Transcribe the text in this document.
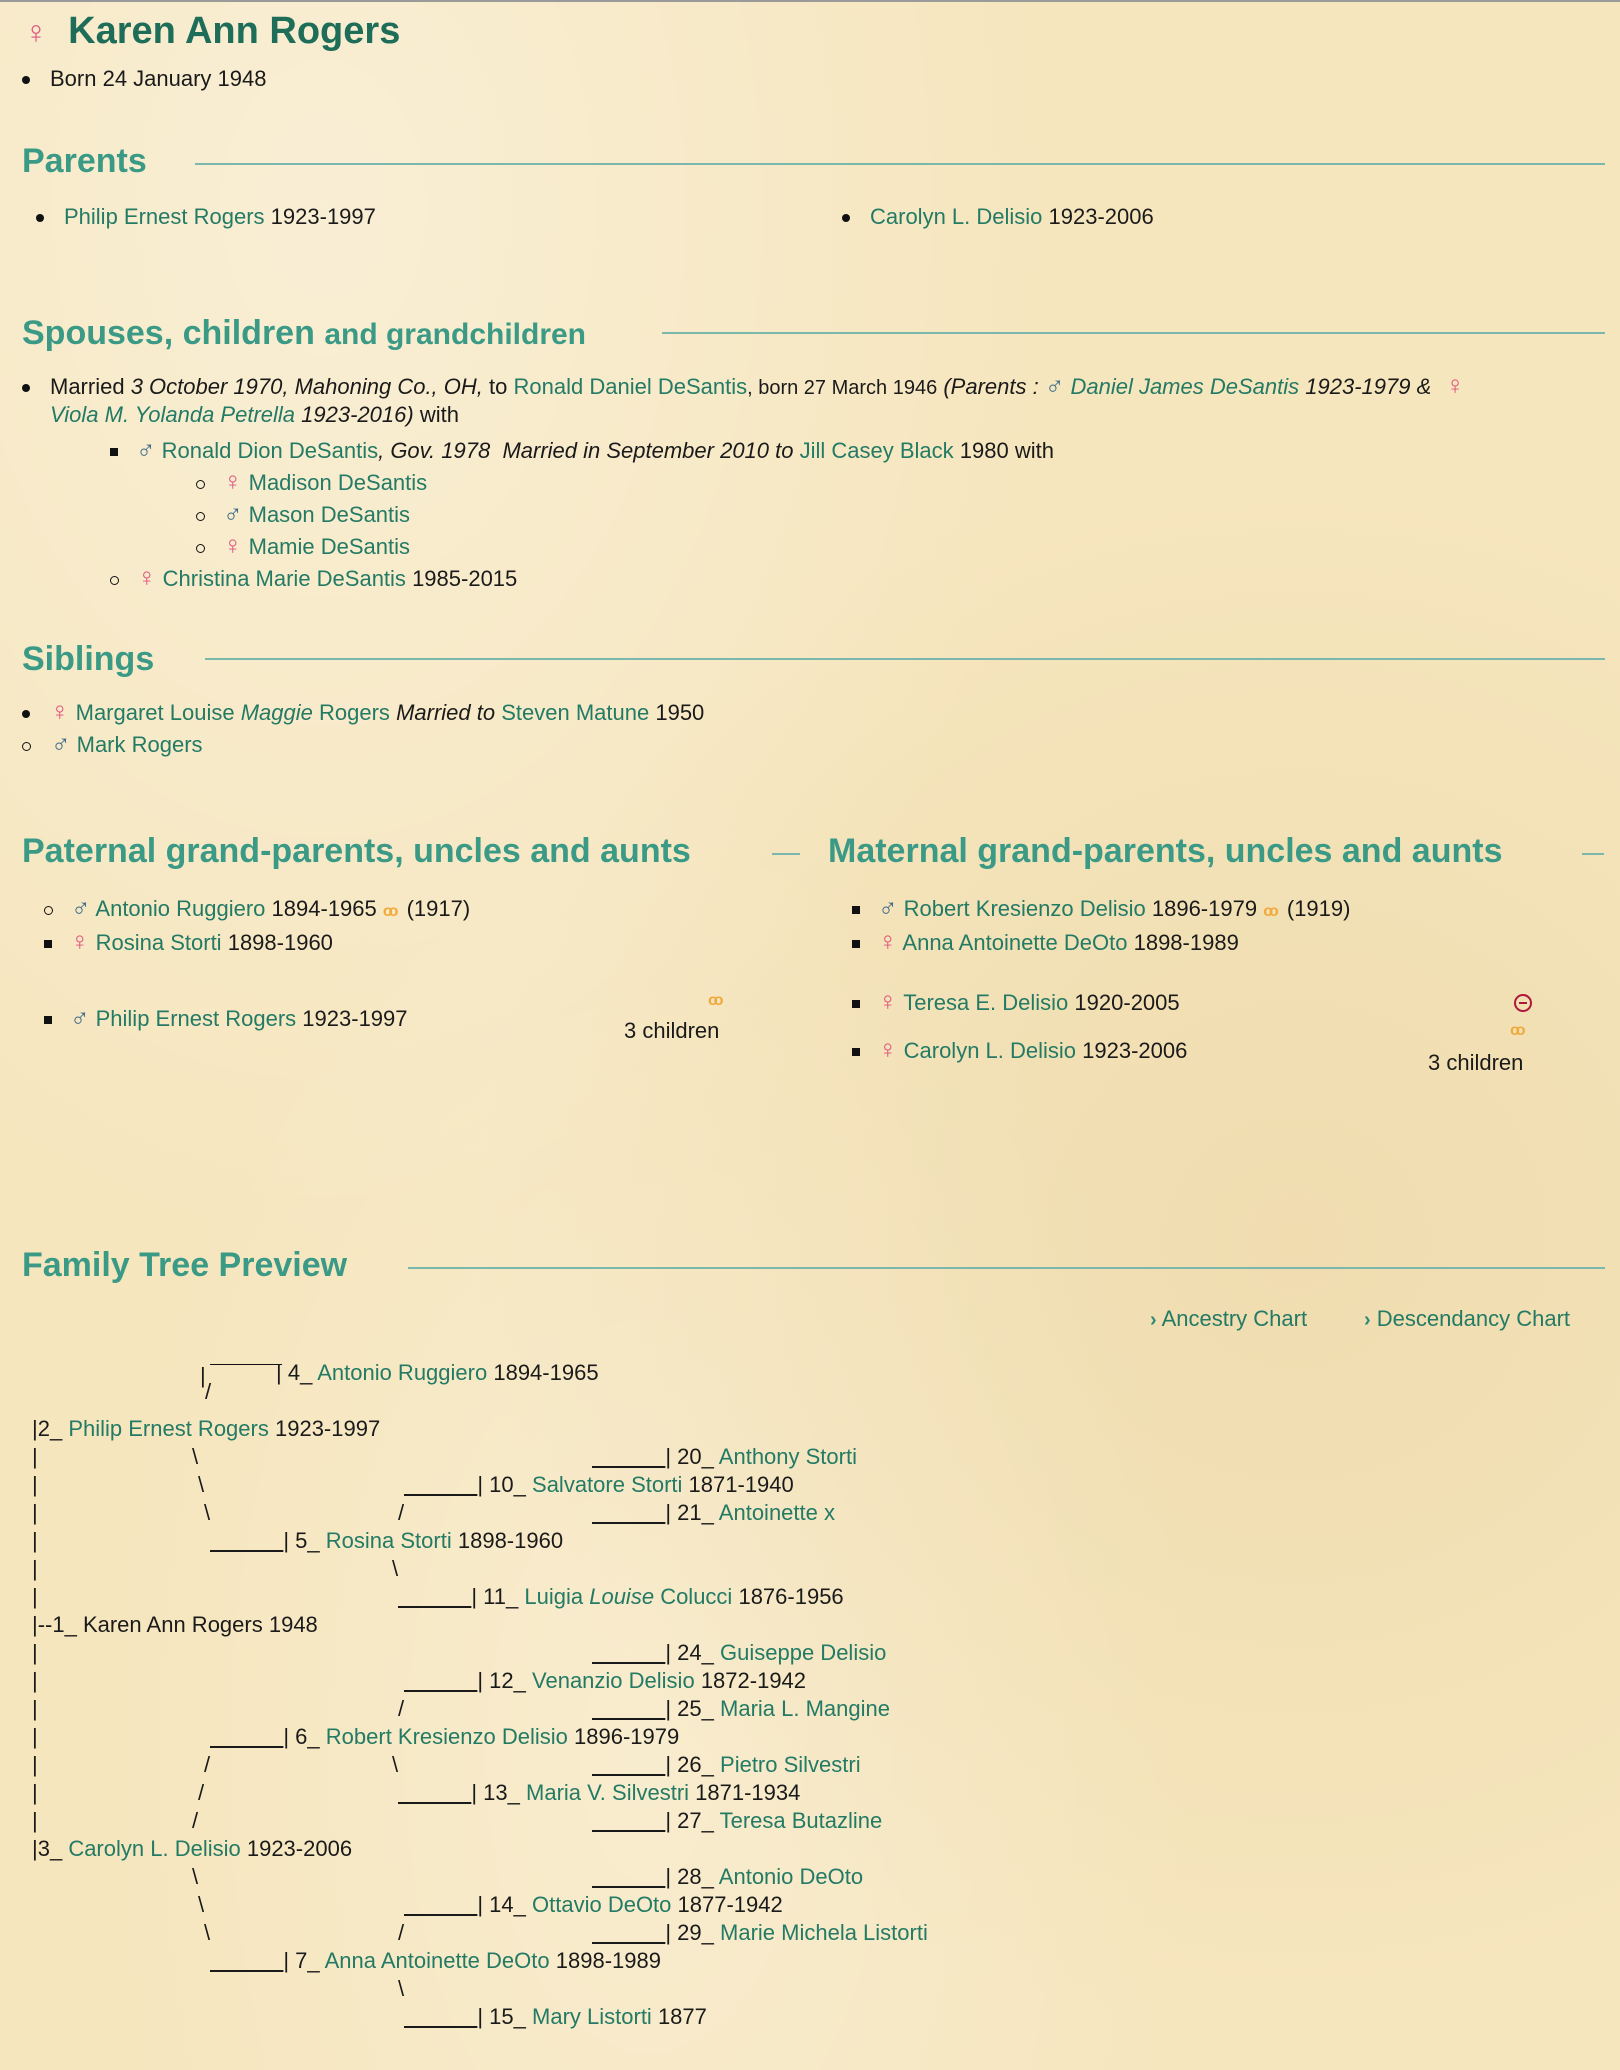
♀ Karen Ann Rogers
Born 24 January 1948
Parents
Philip Ernest Rogers 1923-1997	Carolyn L. Delisio 1923-2006
Spouses, children and grandchildren
Married 3 October 1970, Mahoning Co., OH, to Ronald Daniel DeSantis, born 27 March 1946 (Parents : ♂ Daniel James DeSantis 1923-1979 & ♀
Viola M. Yolanda Petrella 1923-2016) with
♂ Ronald Dion DeSantis, Gov. 1978 Married in September 2010 to Jill Casey Black 1980 with
♀ Madison DeSantis
♂ Mason DeSantis
♀ Mamie DeSantis
♀ Christina Marie DeSantis 1985-2015
Siblings
♀ Margaret Louise Maggie Rogers Married to Steven Matune 1950
♂ Mark Rogers
Paternal grand-parents, uncles and aunts	Maternal grand-parents, uncles and aunts
♂ Antonio Ruggiero 1894-1965 oo (1917)
♀ Rosina Storti 1898-1960
♂ Philip Ernest Rogers 1923-1997
oo
3 children
♂ Robert Kresienzo Delisio 1896-1979 oo (1919)
♀ Anna Antoinette DeOto 1898-1989
♀ Teresa E. Delisio 1920-2005
♀ Carolyn L. Delisio 1923-2006
oo
3 children
Family Tree Preview
› Ancestry Chart	› Descendancy Chart
|
/
| 4_ Antonio Ruggiero 1894-1965
|2_ Philip Ernest Rogers 1923-1997
|	\	| 20_ Anthony Storti
|	\	| 10_ Salvatore Storti 1871-1940
|	\	/	| 21_ Antoinette x
|	| 5_ Rosina Storti 1898-1960
|	\
|	| 11_ Luigia Louise Colucci 1876-1956
|--1_ Karen Ann Rogers 1948
|	| 24_ Guiseppe Delisio
|	| 12_ Venanzio Delisio 1872-1942
|	/	| 25_ Maria L. Mangine
|	| 6_ Robert Kresienzo Delisio 1896-1979
|	/	\	| 26_ Pietro Silvestri
|	/	| 13_ Maria V. Silvestri 1871-1934
|	/	| 27_ Teresa Butazline
|3_ Carolyn L. Delisio 1923-2006
\	| 28_ Antonio DeOto
\	| 14_ Ottavio DeOto 1877-1942
\	/	| 29_ Marie Michela Listorti
| 7_ Anna Antoinette DeOto 1898-1989
\
| 15_ Mary Listorti 1877
